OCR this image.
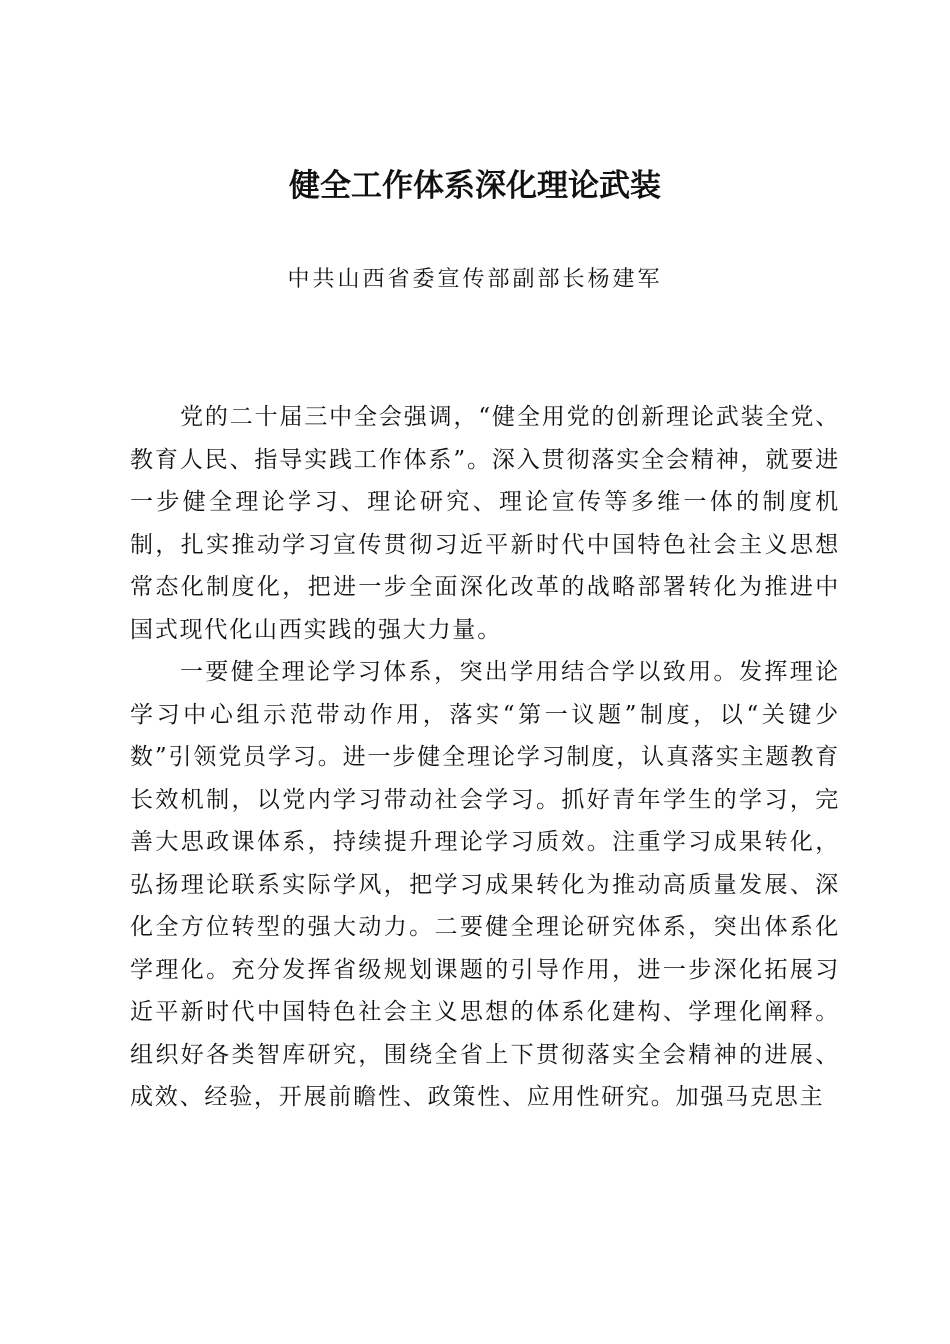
健全工作体系深化理论武装
中共山西省委宣传部副部长杨建军

党的二十届三中全会强调，“健全用党的创新理论武装全党、教育人民、指导实践工作体系”。深入贯彻落实全会精神，就要进一步健全理论学习、理论研究、理论宣传等多维一体的制度机制，扎实推动学习宣传贯彻习近平新时代中国特色社会主义思想常态化制度化，把进一步全面深化改革的战略部署转化为推进中国式现代化山西实践的强大力量。

一要健全理论学习体系，突出学用结合学以致用。发挥理论学习中心组示范带动作用，落实“第一议题”制度，以“关键少数”引领党员学习。进一步健全理论学习制度，认真落实主题教育长效机制，以党内学习带动社会学习。抓好青年学生的学习，完善大思政课体系，持续提升理论学习质效。注重学习成果转化， 弘扬理论联系实际学风，把学习成果转化为推动高质量发展、深 化全方位转型的强大动力。二要健全理论研究体系，突出体系化 学理化。充分发挥省级规划课题的引导作用，进一步深化拓展习 近平新时代中国特色社会主义思想的体系化建构、学理化阐释。 组织好各类智库研究，围绕全省上下贯彻落实全会精神的进展、 成效、经验，开展前瞻性、政策性、应用性研究。加强马克思主
